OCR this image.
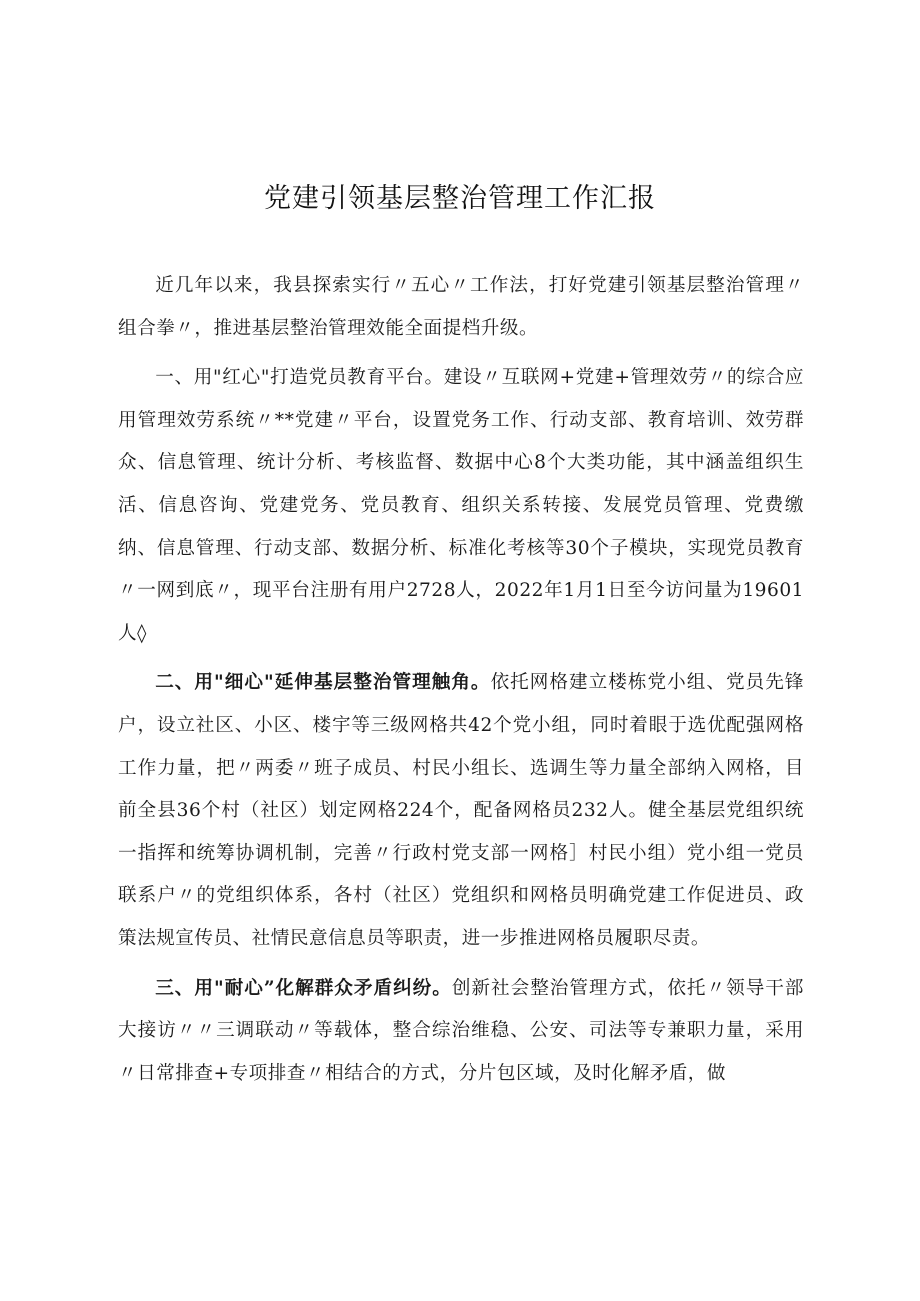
党建引领基层整治管理工作汇报

近几年以来，我县探索实行〃五心〃工作法，打好党建引领基层整治管理〃组合拳〃，推进基层整治管理效能全面提档升级。

一、用"红心"打造党员教育平台。建设〃互联网+党建+管理效劳〃的综合应用管理效劳系统〃**党建〃平台，设置党务工作、行动支部、教育培训、效劳群众、信息管理、统计分析、考核监督、数据中心8个大类功能，其中涵盖组织生活、信息咨询、党建党务、党员教育、组织关系转接、发展党员管理、党费缴纳、信息管理、行动支部、数据分析、标准化考核等30个子模块，实现党员教育〃一网到底〃，现平台注册有用户2728人，2022年1月1日至今访问量为19601人◊

二、用"细心"延伸基层整治管理触角。依托网格建立楼栋党小组、党员先锋户，设立社区、小区、楼宇等三级网格共42个党小组，同时着眼于选优配强网格工作力量，把〃两委〃班子成员、村民小组长、选调生等力量全部纳入网格，目前全县36个村（社区）划定网格224个，配备网格员232人。健全基层党组织统一指挥和统筹协调机制，完善〃行政村党支部一网格］村民小组）党小组一党员联系户〃的党组织体系，各村（社区）党组织和网格员明确党建工作促进员、政策法规宣传员、社情民意信息员等职责，进一步推进网格员履职尽责。

三、用"耐心”化解群众矛盾纠纷。创新社会整治管理方式，依托〃领导干部大接访〃〃三调联动〃等载体，整合综治维稳、公安、司法等专兼职力量，采用〃日常排查+专项排查〃相结合的方式，分片包区域，及时化解矛盾，做
